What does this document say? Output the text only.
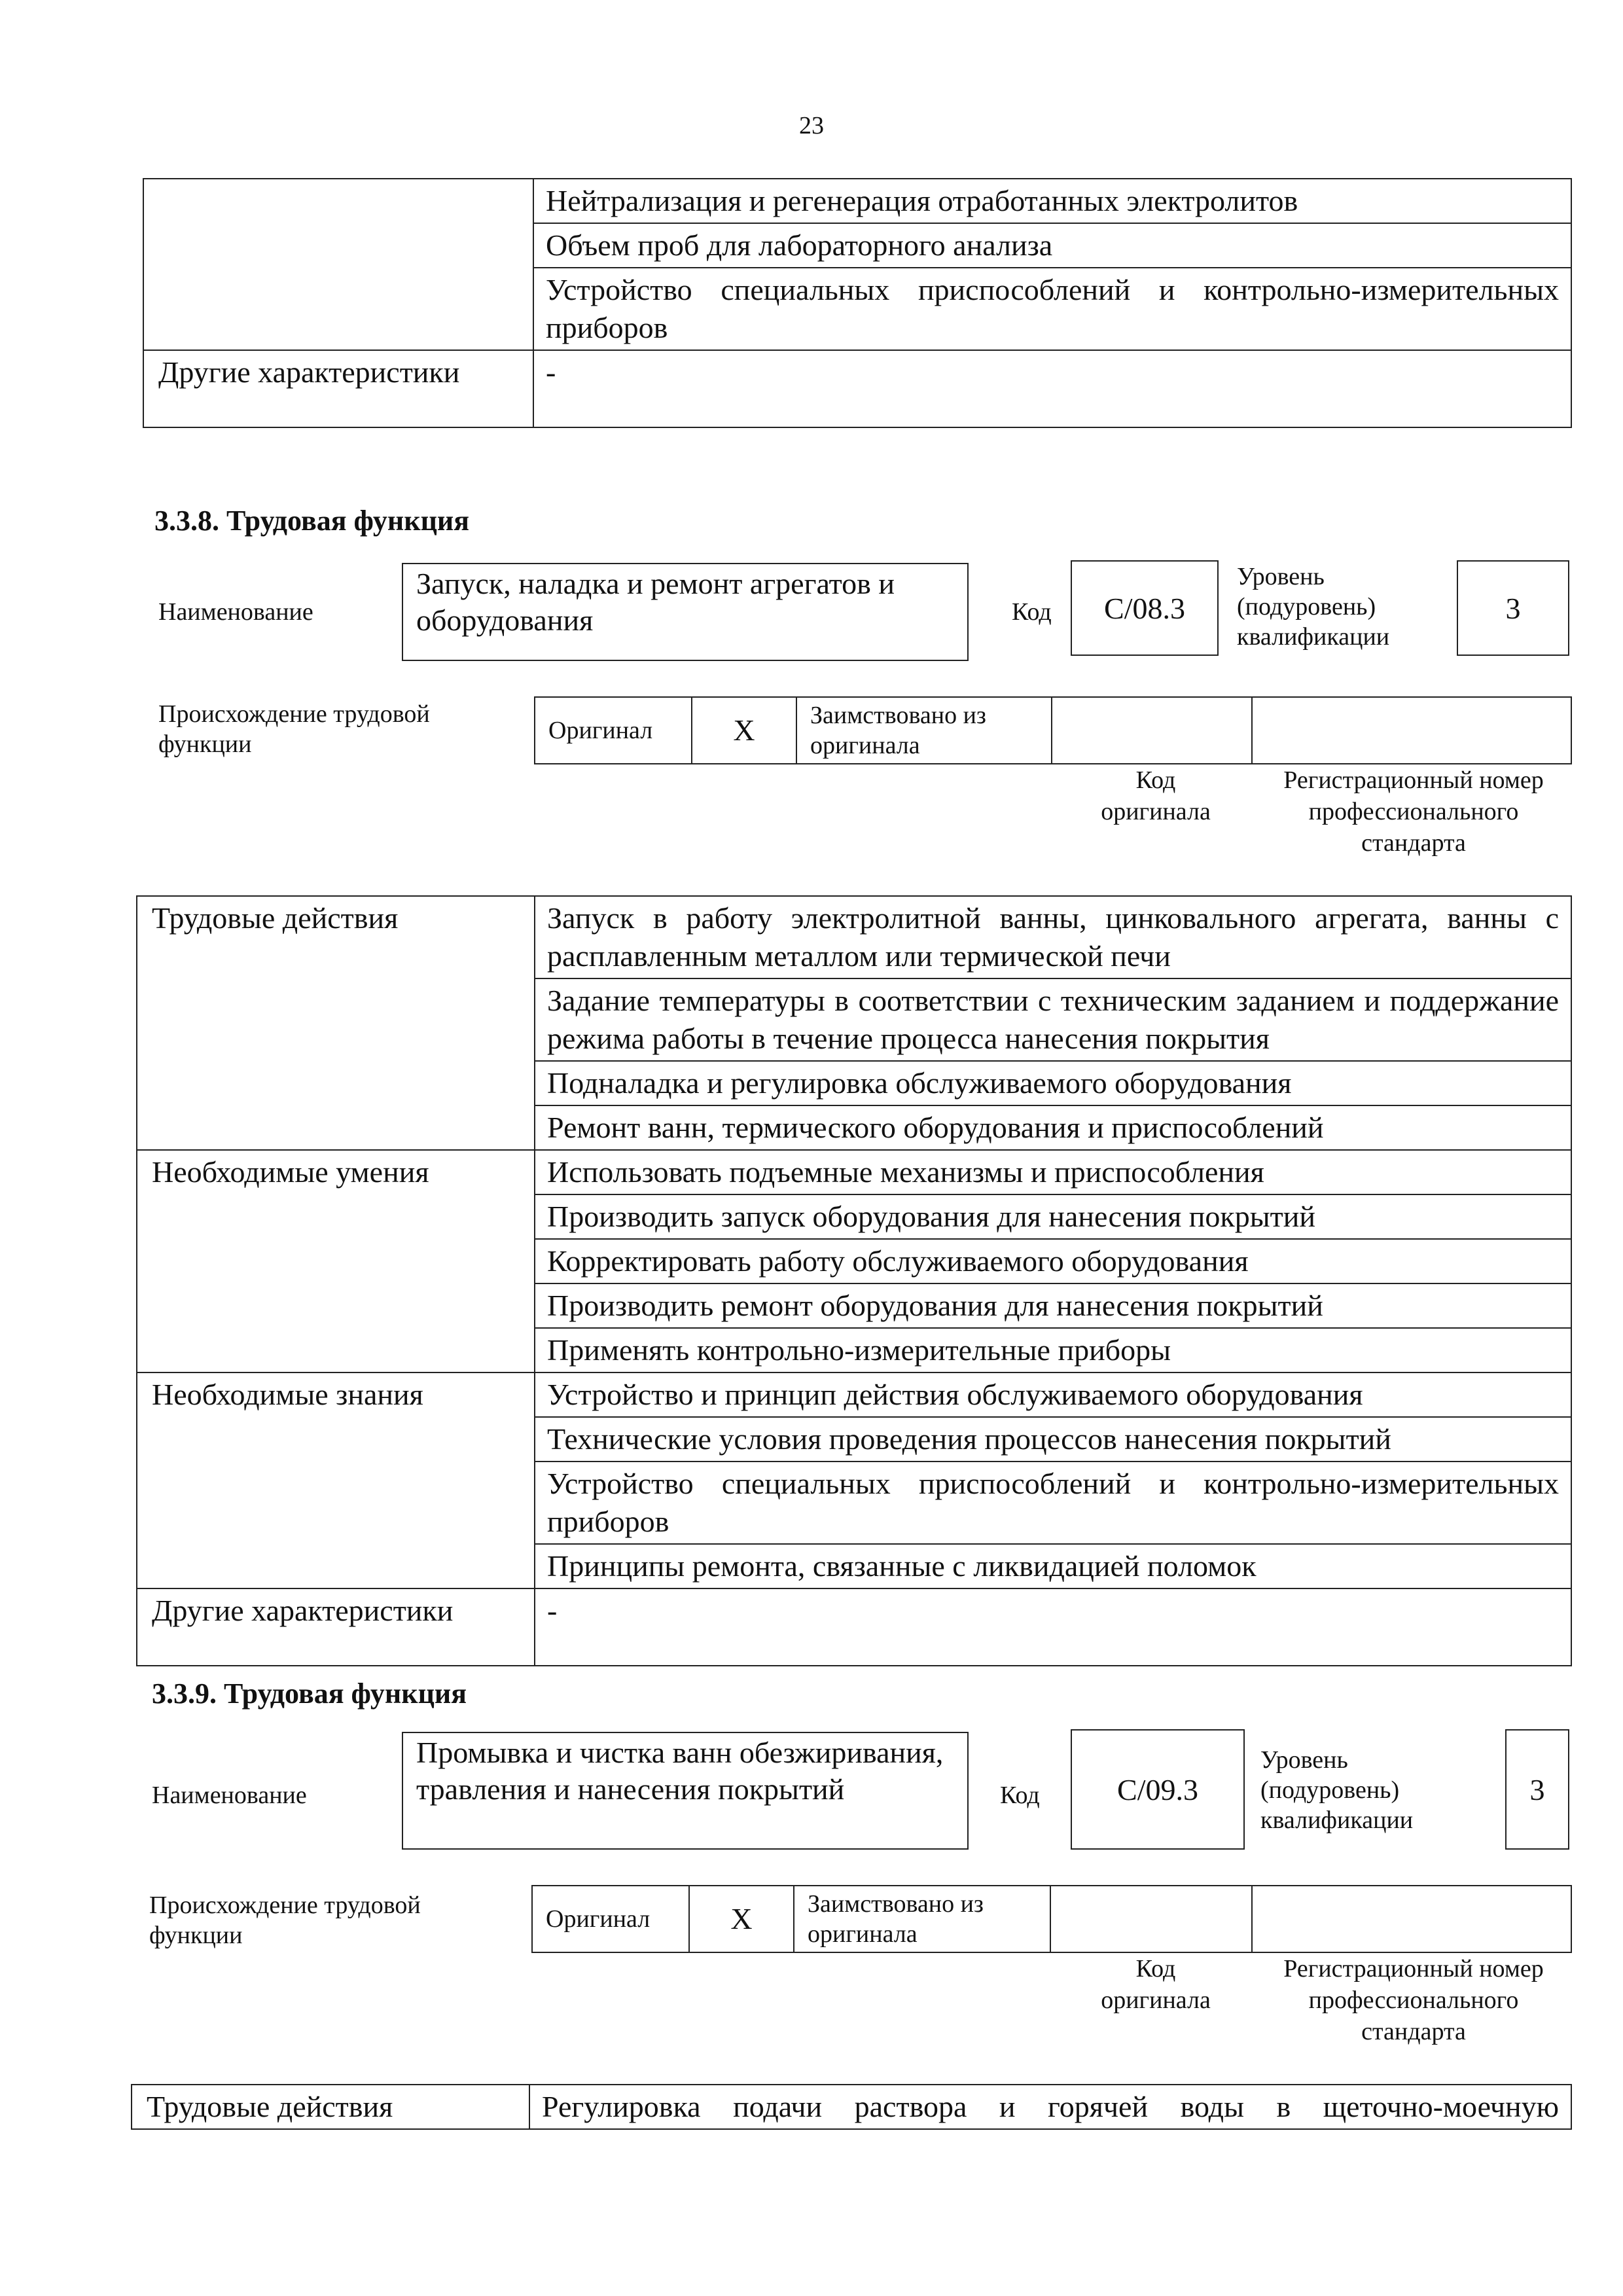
23
	Нейтрализация и регенерация отработанных электролитов
	Объем проб для лабораторного анализа
	Устройство специальных приспособлений и контрольно-измерительных приборов
Другие характеристики	-
3.3.8. Трудовая функция
Наименование
Запуск, наладка и ремонт агрегатов и оборудования	Код С/08.3
Уровень (подуровень) квалификации
3
Происхождение трудовой функции	Оригинал	X	Заимствовано из оригинала		
Код оригинала
Регистрационный номер профессионального стандарта
Трудовые действия	Запуск в работу электролитной ванны, цинковального агрегата, ванны с расплавленным металлом или термической печи
	Задание температуры в соответствии с техническим заданием и поддержание режима работы в течение процесса нанесения покрытия
	Подналадка и регулировка обслуживаемого оборудования
	Ремонт ванн, термического оборудования и приспособлений
Необходимые умения	Использовать подъемные механизмы и приспособления
	Производить запуск оборудования для нанесения покрытий
	Корректировать работу обслуживаемого оборудования
	Производить ремонт оборудования для нанесения покрытий
	Применять контрольно-измерительные приборы
Необходимые знания	Устройство и принцип действия обслуживаемого оборудования
	Технические условия проведения процессов нанесения покрытий
	Устройство специальных приспособлений и контрольно-измерительных приборов
	Принципы ремонта, связанные с ликвидацией поломок
Другие характеристики	-
3.3.9. Трудовая функция
Наименование
Промывка и чистка ванн обезжиривания, травления и нанесения покрытий	Код	С/09.3
Уровень (подуровень) квалификации
3
Происхождение трудовой функции
Оригинал	X	Заимствовано из оригинала		
Код оригинала
Регистрационный номер профессионального стандарта
Трудовые действия	Регулировка подачи раствора и горячей воды в щеточно-моечную
